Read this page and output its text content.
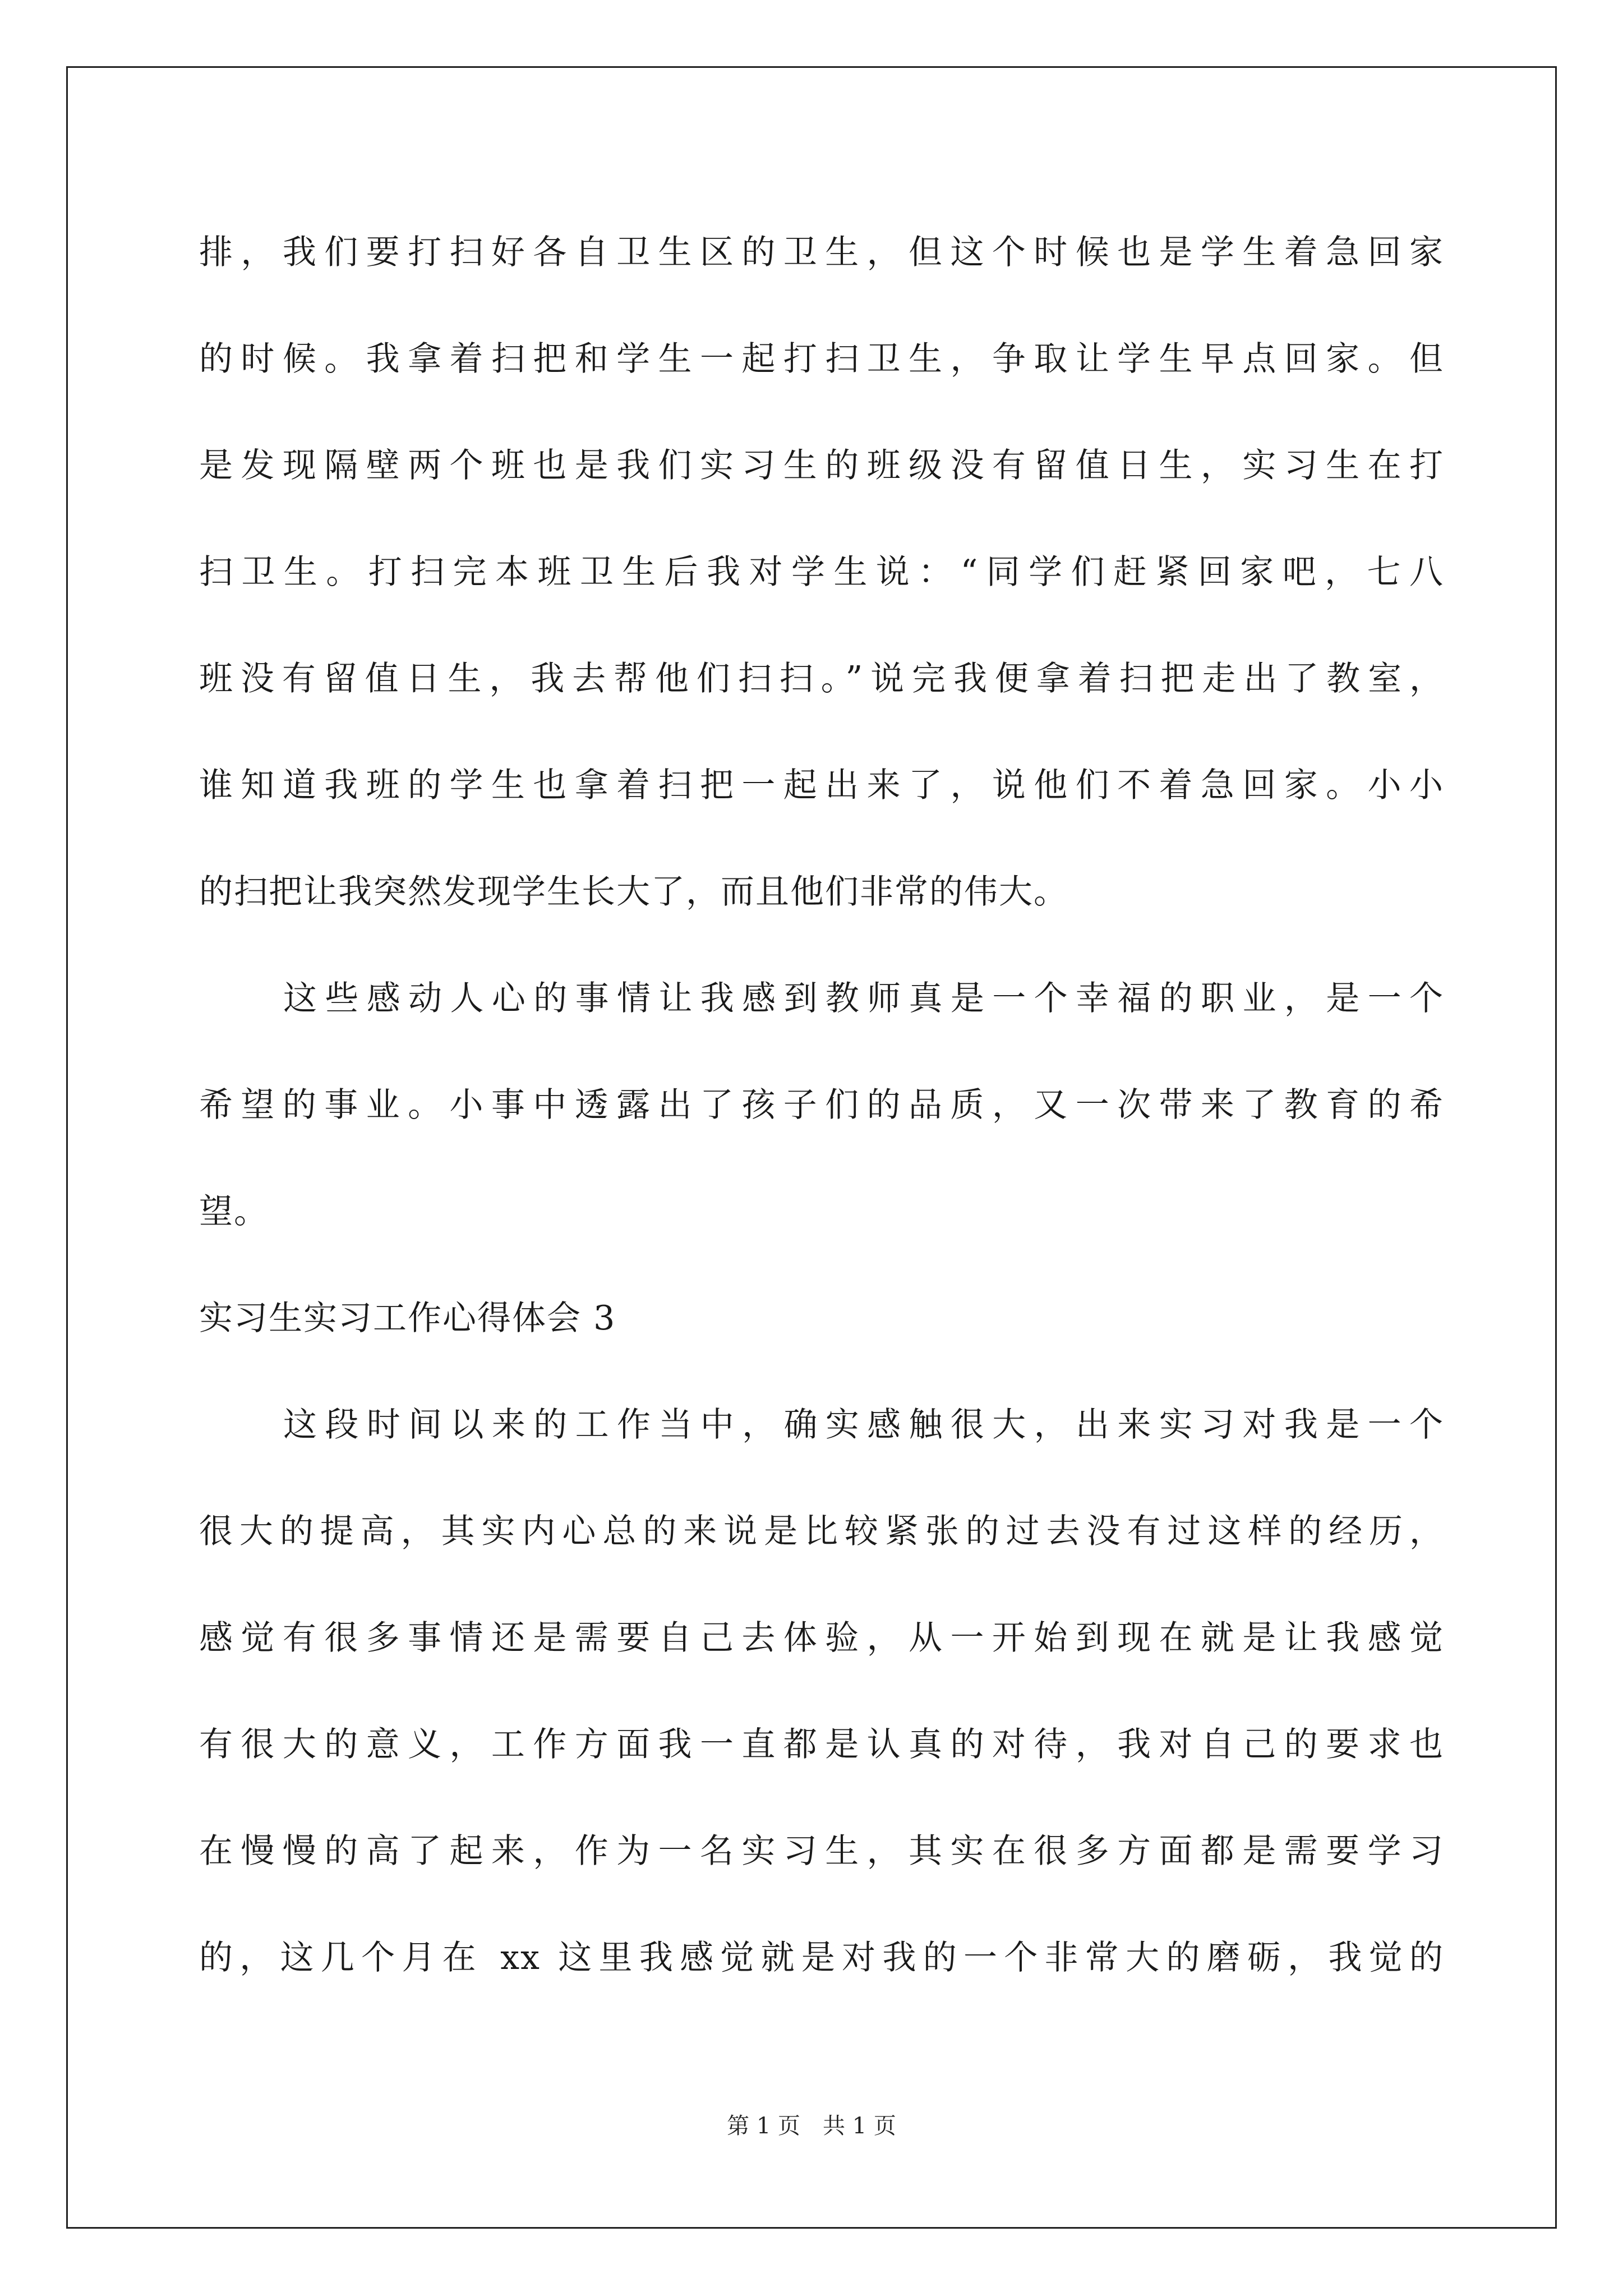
排，我们要打扫好各自卫生区的卫生，但这个时候也是学生着急回家
的时候。我拿着扫把和学生一起打扫卫生，争取让学生早点回家。但
是发现隔壁两个班也是我们实习生的班级没有留值日生，实习生在打
扫卫生。打扫完本班卫生后我对学生说：“同学们赶紧回家吧，七八
班没有留值日生，我去帮他们扫扫。”说完我便拿着扫把走出了教室，
谁知道我班的学生也拿着扫把一起出来了，说他们不着急回家。小小
的扫把让我突然发现学生长大了，而且他们非常的伟大。
这些感动人心的事情让我感到教师真是一个幸福的职业，是一个
希望的事业。小事中透露出了孩子们的品质，又一次带来了教育的希
望。
实习生实习工作心得体会 3
这段时间以来的工作当中，确实感触很大，出来实习对我是一个
很大的提高，其实内心总的来说是比较紧张的过去没有过这样的经历，
感觉有很多事情还是需要自己去体验，从一开始到现在就是让我感觉
有很大的意义，工作方面我一直都是认真的对待，我对自己的要求也
在慢慢的高了起来，作为一名实习生，其实在很多方面都是需要学习
的，这几个月在 xx 这里我感觉就是对我的一个非常大的磨砺，我觉的
第 1 页　共 1 页
